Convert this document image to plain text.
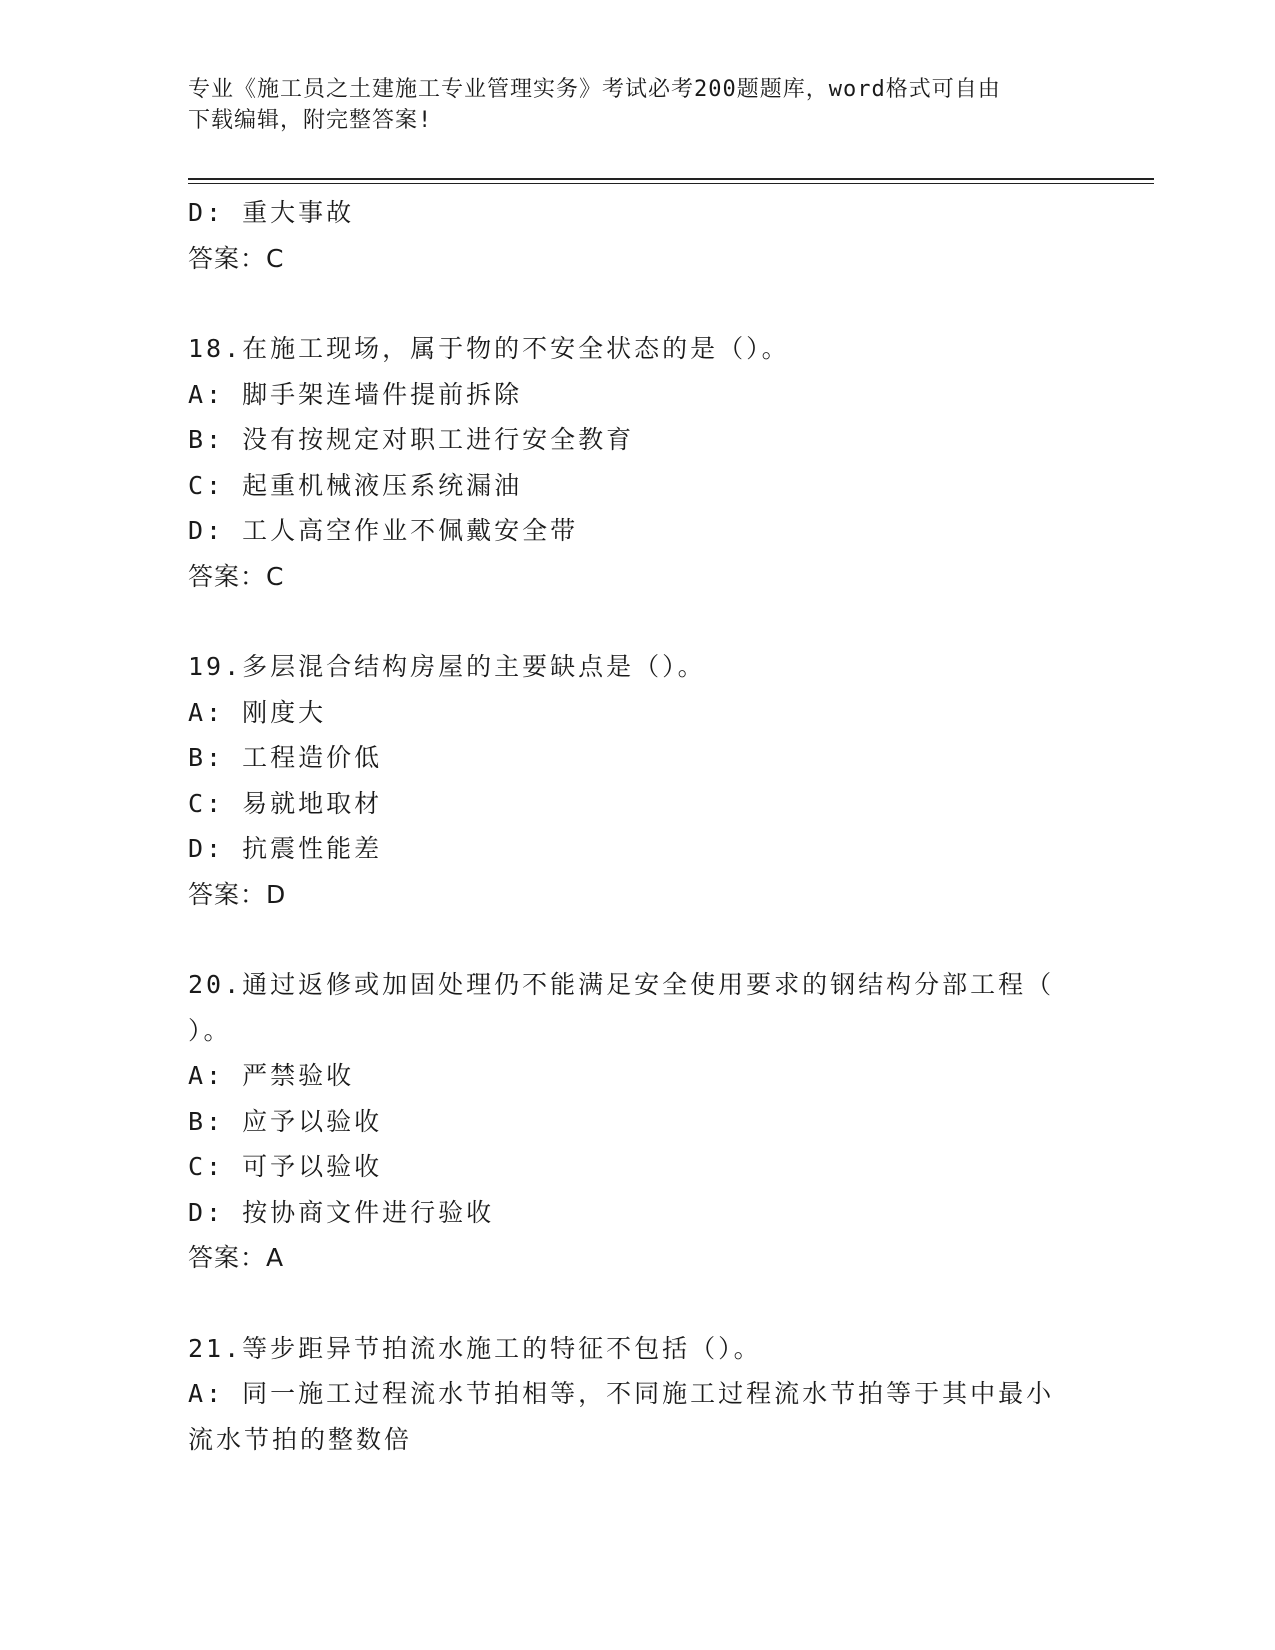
专业《施工员之土建施工专业管理实务》考试必考200题题库，word格式可自由
下载编辑，附完整答案!
D: 重大事故
答案：C
18.在施工现场，属于物的不安全状态的是（）。
A: 脚手架连墙件提前拆除
B: 没有按规定对职工进行安全教育
C: 起重机械液压系统漏油
D: 工人高空作业不佩戴安全带
答案：C
19.多层混合结构房屋的主要缺点是（）。
A: 刚度大
B: 工程造价低
C: 易就地取材
D: 抗震性能差
答案：D
20.通过返修或加固处理仍不能满足安全使用要求的钢结构分部工程（
）。
A: 严禁验收
B: 应予以验收
C: 可予以验收
D: 按协商文件进行验收
答案：A
21.等步距异节拍流水施工的特征不包括（）。
A: 同一施工过程流水节拍相等，不同施工过程流水节拍等于其中最小
流水节拍的整数倍
